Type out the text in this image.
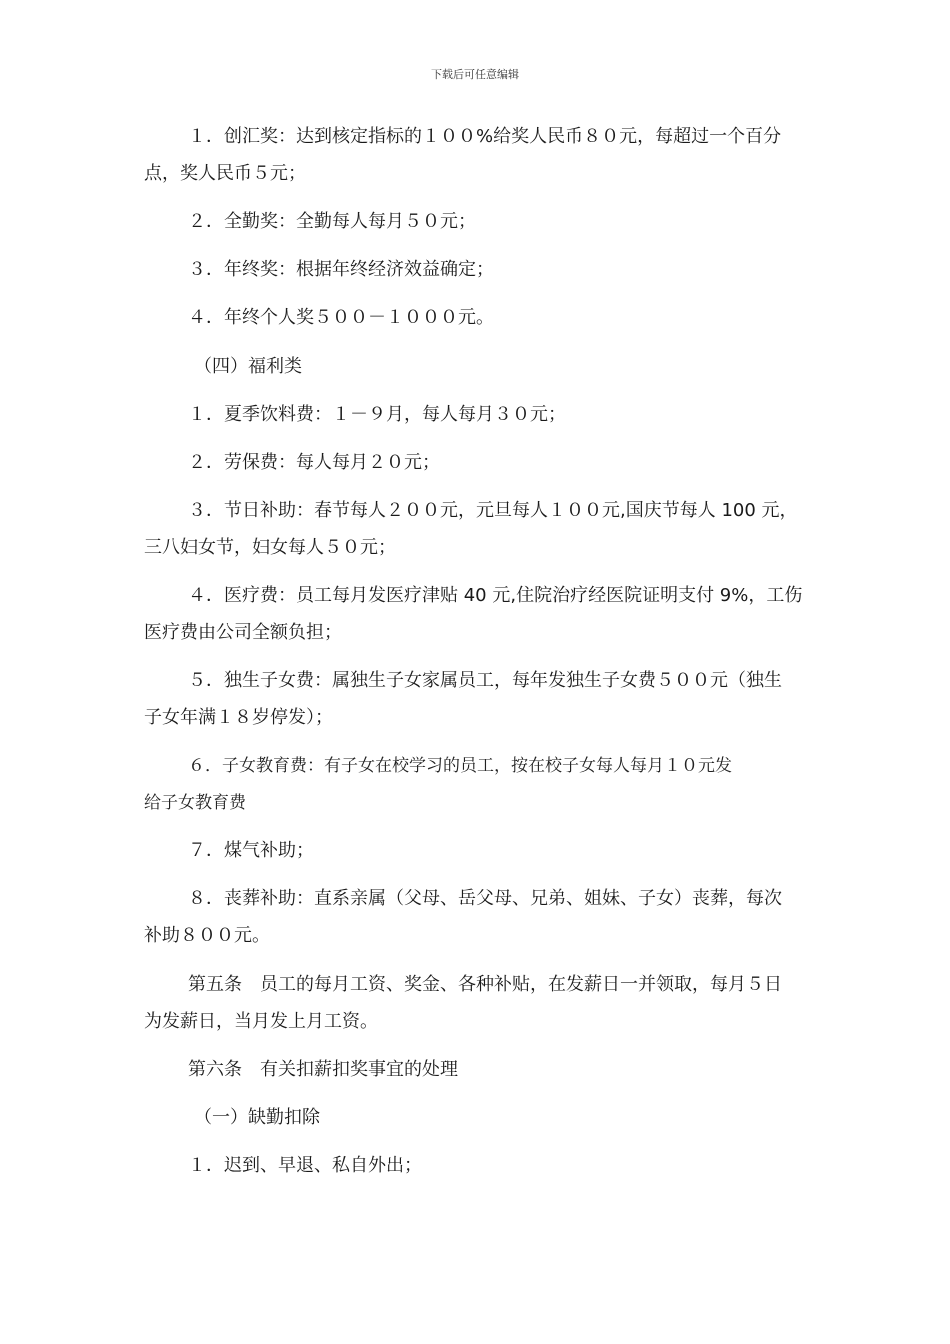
下载后可任意编辑
１．创汇奖：达到核定指标的１００%给奖人民币８０元，每超过一个百分
点，奖人民币５元；
２．全勤奖：全勤每人每月５０元；
３．年终奖：根据年终经济效益确定；
４．年终个人奖５００－１０００元。
（四）福利类
１．夏季饮料费：１－９月，每人每月３０元；
２．劳保费：每人每月２０元；
３．节日补助：春节每人２００元，元旦每人１００元,国庆节每人 100 元，
三八妇女节，妇女每人５０元；
４．医疗费：员工每月发医疗津贴 40 元,住院治疗经医院证明支付 9%，工伤
医疗费由公司全额负担；
５．独生子女费：属独生子女家属员工，每年发独生子女费５００元（独生
子女年满１８岁停发）；
６．子女教育费：有子女在校学习的员工，按在校子女每人每月１０元发
给子女教育费
７．煤气补助；
８．丧葬补助：直系亲属（父母、岳父母、兄弟、姐妹、子女）丧葬，每次
补助８００元。
第五条　员工的每月工资、奖金、各种补贴，在发薪日一并领取，每月５日
为发薪日，当月发上月工资。
第六条　有关扣薪扣奖事宜的处理
（一）缺勤扣除
１．迟到、早退、私自外出；
